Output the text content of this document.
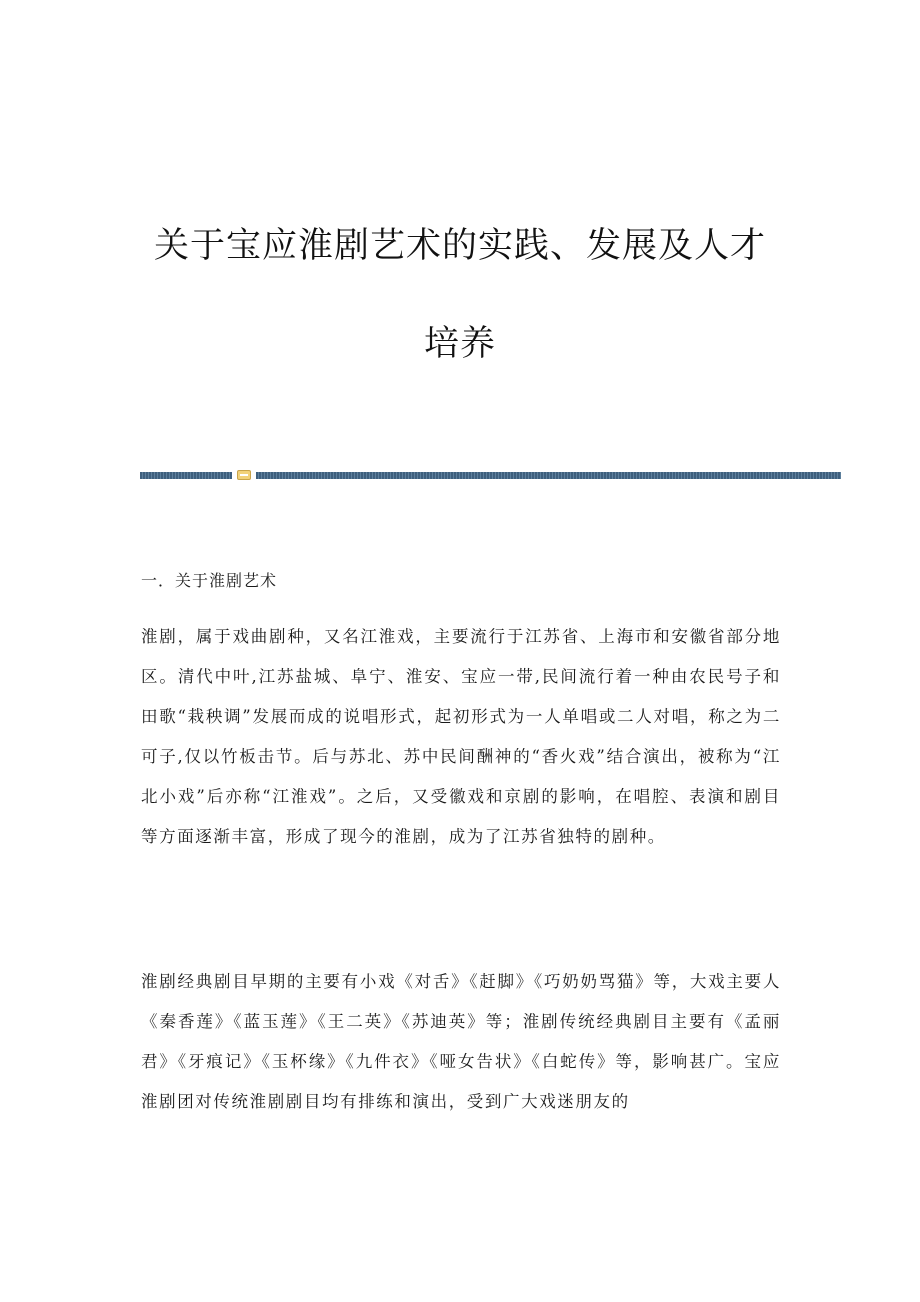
关于宝应淮剧艺术的实践、发展及人才
培养
一．关于淮剧艺术

淮剧，属于戏曲剧种，又名江淮戏，主要流行于江苏省、上海市和安徽省部分地区。清代中叶,江苏盐城、阜宁、淮安、宝应一带,民间流行着一种由农民号子和田歌“栽秧调”发展而成的说唱形式，起初形式为一人单唱或二人对唱，称之为二可子,仅以竹板击节。后与苏北、苏中民间酬神的“香火戏”结合演出，被称为“江北小戏”后亦称“江淮戏”。之后，又受徽戏和京剧的影响，在唱腔、表演和剧目等方面逐渐丰富，形成了现今的淮剧，成为了江苏省独特的剧种。

淮剧经典剧目早期的主要有小戏《对舌》《赶脚》《巧奶奶骂猫》等，大戏主要人《秦香莲》《蓝玉莲》《王二英》《苏迪英》等；淮剧传统经典剧目主要有《孟丽君》《牙痕记》《玉杯缘》《九件衣》《哑女告状》《白蛇传》等，影响甚广。宝应淮剧团对传统淮剧剧目均有排练和演出，受到广大戏迷朋友的
